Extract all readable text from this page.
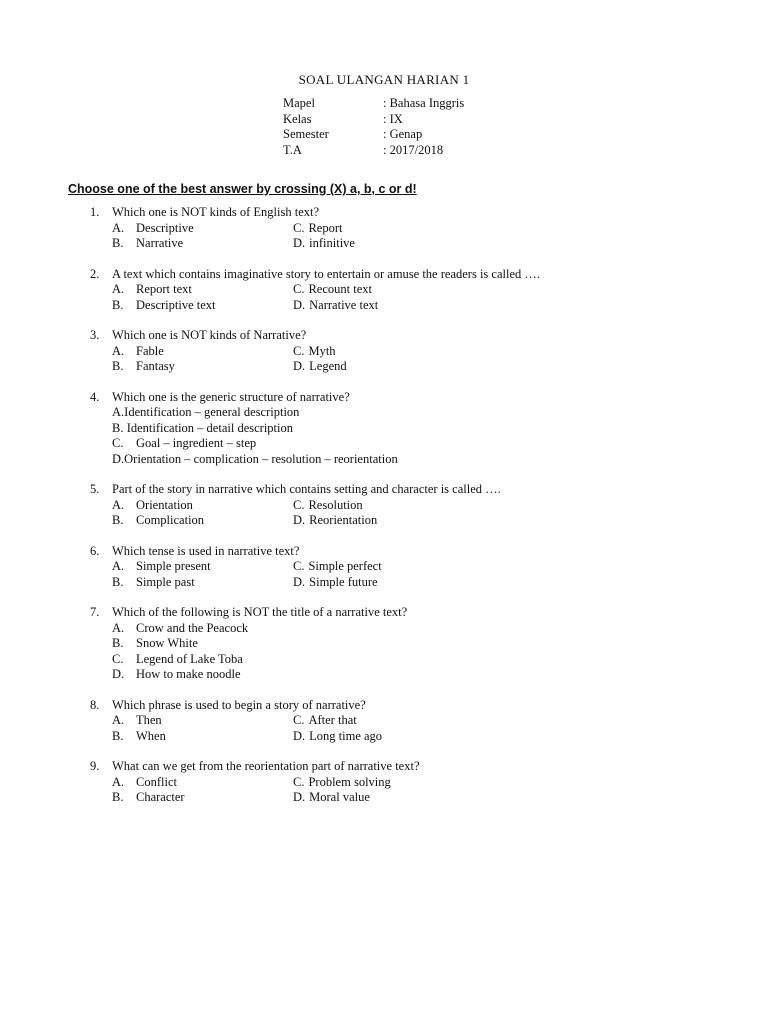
SOAL ULANGAN HARIAN 1
Mapel	: Bahasa Inggris
Kelas	: IX
Semester	: Genap
T.A	: 2017/2018
Choose one of the best answer by crossing (X) a, b, c or d!
1.	Which one is NOT kinds of English text?
A. Descriptive	C. Report
B.	Narrative	D. infinitive
2.	A text which contains imaginative story to entertain or amuse the readers is called ….
A. Report text	C. Recount text
B.	Descriptive text	D. Narrative text
3.	Which one is NOT kinds of Narrative?
A. Fable	C. Myth
B.	Fantasy	D. Legend
4.	Which one is the generic structure of narrative?
A. Identification – general description
B. Identification – detail description
C.	Goal – ingredient – step
D. Orientation – complication – resolution – reorientation
5.	Part of the story in narrative which contains setting and character is called ….
A. Orientation	C. Resolution
B.	Complication	D. Reorientation
6.	Which tense is used in narrative text?
A. Simple present	C. Simple perfect
B.	Simple past	D. Simple future
7.	Which of the following is NOT the title of a narrative text?
A. Crow and the Peacock
B.	Snow White
C.	Legend of Lake Toba
D. How to make noodle
8.	Which phrase is used to begin a story of narrative?
A. Then	C. After that
B.	When	D. Long time ago
9.	What can we get from the reorientation part of narrative text?
A. Conflict	C. Problem solving
B.	Character	D. Moral value
